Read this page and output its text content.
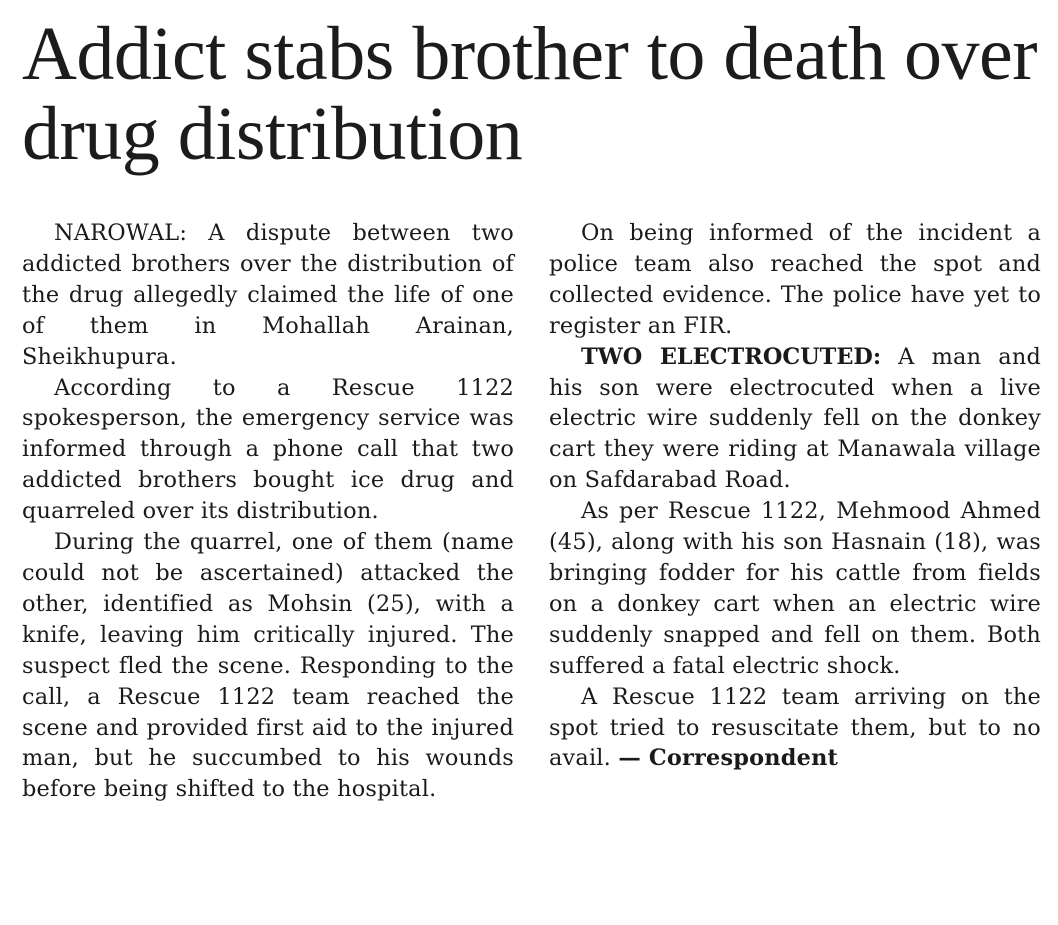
Addict stabs brother to death over drug distribution

NAROWAL: A dispute between two addicted brothers over the distribution of the drug allegedly claimed the life of one of them in Mohallah Arainan, Sheikhupura.

According to a Rescue 1122 spokesperson, the emergency service was informed through a phone call that two addicted brothers bought ice drug and quarreled over its distribution.

During the quarrel, one of them (name could not be ascertained) attacked the other, identified as Mohsin (25), with a knife, leaving him critically injured. The suspect fled the scene. Responding to the call, a Rescue 1122 team reached the scene and provided first aid to the injured man, but he succumbed to his wounds before being shifted to the hospital.

On being informed of the incident a police team also reached the spot and collected evidence. The police have yet to register an FIR.

TWO ELECTROCUTED: A man and his son were electrocuted when a live electric wire suddenly fell on the donkey cart they were riding at Manawala village on Safdarabad Road.

As per Rescue 1122, Mehmood Ahmed (45), along with his son Hasnain (18), was bringing fodder for his cattle from fields on a donkey cart when an electric wire suddenly snapped and fell on them. Both suffered a fatal electric shock.

A Rescue 1122 team arriving on the spot tried to resuscitate them, but to no avail. — Correspondent
